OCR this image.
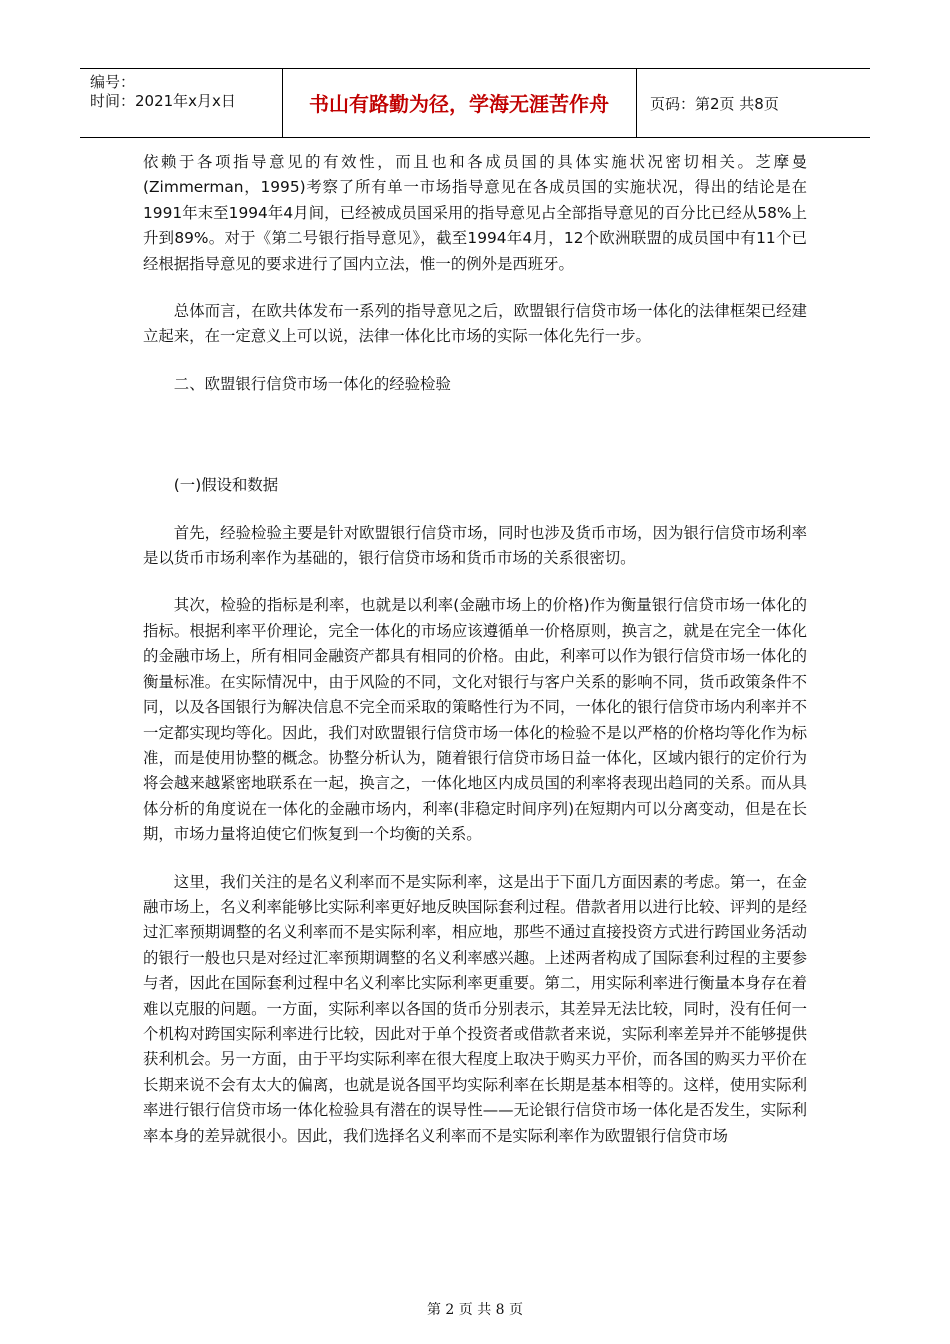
编号：
时间：2021年x月x日	书山有路勤为径，学海无涯苦作舟	页码：第2页 共8页

依赖于各项指导意见的有效性，而且也和各成员国的具体实施状况密切相关。芝摩曼(Zimmerman，1995)考察了所有单一市场指导意见在各成员国的实施状况，得出的结论是在1991年末至1994年4月间，已经被成员国采用的指导意见占全部指导意见的百分比已经从58%上升到89%。对于《第二号银行指导意见》，截至1994年4月，12个欧洲联盟的成员国中有11个已经根据指导意见的要求进行了国内立法，惟一的例外是西班牙。

总体而言，在欧共体发布一系列的指导意见之后，欧盟银行信贷市场一体化的法律框架已经建立起来，在一定意义上可以说，法律一体化比市场的实际一体化先行一步。

二、欧盟银行信贷市场一体化的经验检验

(一)假设和数据

首先，经验检验主要是针对欧盟银行信贷市场，同时也涉及货币市场，因为银行信贷市场利率是以货币市场利率作为基础的，银行信贷市场和货币市场的关系很密切。

其次，检验的指标是利率，也就是以利率(金融市场上的价格)作为衡量银行信贷市场一体化的指标。根据利率平价理论，完全一体化的市场应该遵循单一价格原则，换言之，就是在完全一体化的金融市场上，所有相同金融资产都具有相同的价格。由此，利率可以作为银行信贷市场一体化的衡量标准。在实际情况中，由于风险的不同，文化对银行与客户关系的影响不同，货币政策条件不同，以及各国银行为解决信息不完全而采取的策略性行为不同，一体化的银行信贷市场内利率并不一定都实现均等化。因此，我们对欧盟银行信贷市场一体化的检验不是以严格的价格均等化作为标准，而是使用协整的概念。协整分析认为，随着银行信贷市场日益一体化，区域内银行的定价行为将会越来越紧密地联系在一起，换言之，一体化地区内成员国的利率将表现出趋同的关系。而从具体分析的角度说在一体化的金融市场内，利率(非稳定时间序列)在短期内可以分离变动，但是在长期，市场力量将迫使它们恢复到一个均衡的关系。

这里，我们关注的是名义利率而不是实际利率，这是出于下面几方面因素的考虑。第一，在金融市场上，名义利率能够比实际利率更好地反映国际套利过程。借款者用以进行比较、评判的是经过汇率预期调整的名义利率而不是实际利率，相应地，那些不通过直接投资方式进行跨国业务活动的银行一般也只是对经过汇率预期调整的名义利率感兴趣。上述两者构成了国际套利过程的主要参与者，因此在国际套利过程中名义利率比实际利率更重要。第二，用实际利率进行衡量本身存在着难以克服的问题。一方面，实际利率以各国的货币分别表示，其差异无法比较，同时，没有任何一个机构对跨国实际利率进行比较，因此对于单个投资者或借款者来说，实际利率差异并不能够提供获利机会。另一方面，由于平均实际利率在很大程度上取决于购买力平价，而各国的购买力平价在长期来说不会有太大的偏离，也就是说各国平均实际利率在长期是基本相等的。这样，使用实际利率进行银行信贷市场一体化检验具有潜在的误导性——无论银行信贷市场一体化是否发生，实际利率本身的差异就很小。因此，我们选择名义利率而不是实际利率作为欧盟银行信贷市场

第 2 页 共 8 页
